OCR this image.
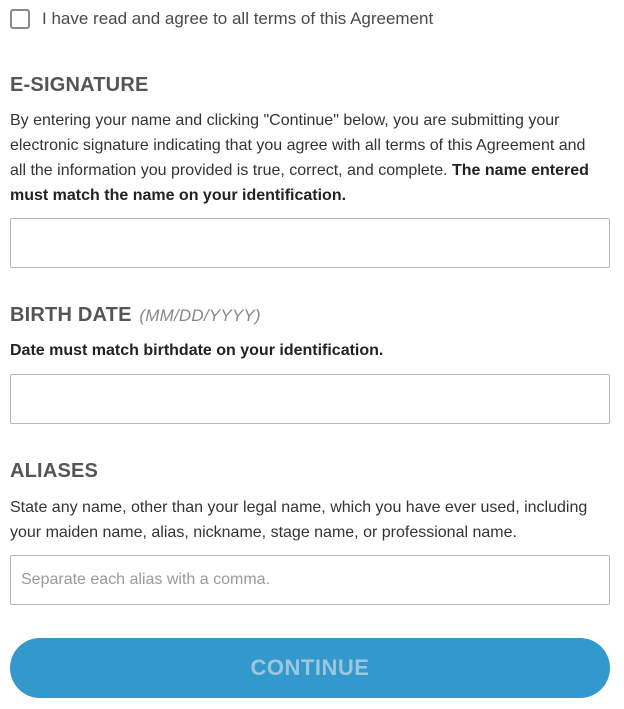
I have read and agree to all terms of this Agreement
E-SIGNATURE
By entering your name and clicking "Continue" below, you are submitting your electronic signature indicating that you agree with all terms of this Agreement and all the information you provided is true, correct, and complete. The name entered must match the name on your identification.
BIRTH DATE (MM/DD/YYYY)
Date must match birthdate on your identification.
ALIASES
State any name, other than your legal name, which you have ever used, including your maiden name, alias, nickname, stage name, or professional name.
Separate each alias with a comma.
CONTINUE
